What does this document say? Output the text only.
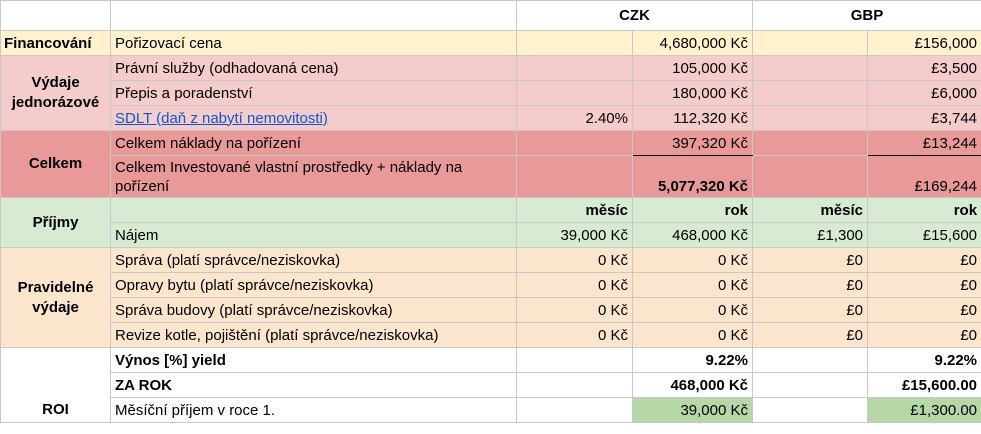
		CZK		GBP	
Financování	Pořizovací cena		4,680,000 Kč		£156,000
Výdaje jednorázové	Právní služby (odhadovaná cena)		105,000 Kč		£3,500
	Přepis a poradenství		180,000 Kč		£6,000
	SDLT (daň z nabytí nemovitosti)	2.40%	112,320 Kč		£3,744
Celkem	Celkem náklady na pořízení		397,320 Kč		£13,244
	Celkem Investované vlastní prostředky + náklady na pořízení		5,077,320 Kč		£169,244
Příjmy		měsíc	rok	měsíc	rok
	Nájem	39,000 Kč	468,000 Kč	£1,300	£15,600
Pravidelné výdaje	Správa (platí správce/neziskovka)	0 Kč	0 Kč	£0	£0
	Opravy bytu (platí správce/neziskovka)	0 Kč	0 Kč	£0	£0
	Správa budovy (platí správce/neziskovka)	0 Kč	0 Kč	£0	£0
	Revize kotle, pojištění (platí správce/neziskovka)	0 Kč	0 Kč	£0	£0
ROI	Výnos [%] yield		9.22%		9.22%
	ZA ROK		468,000 Kč		£15,600.00
	Měsíční příjem v roce 1.		39,000 Kč		£1,300.00
